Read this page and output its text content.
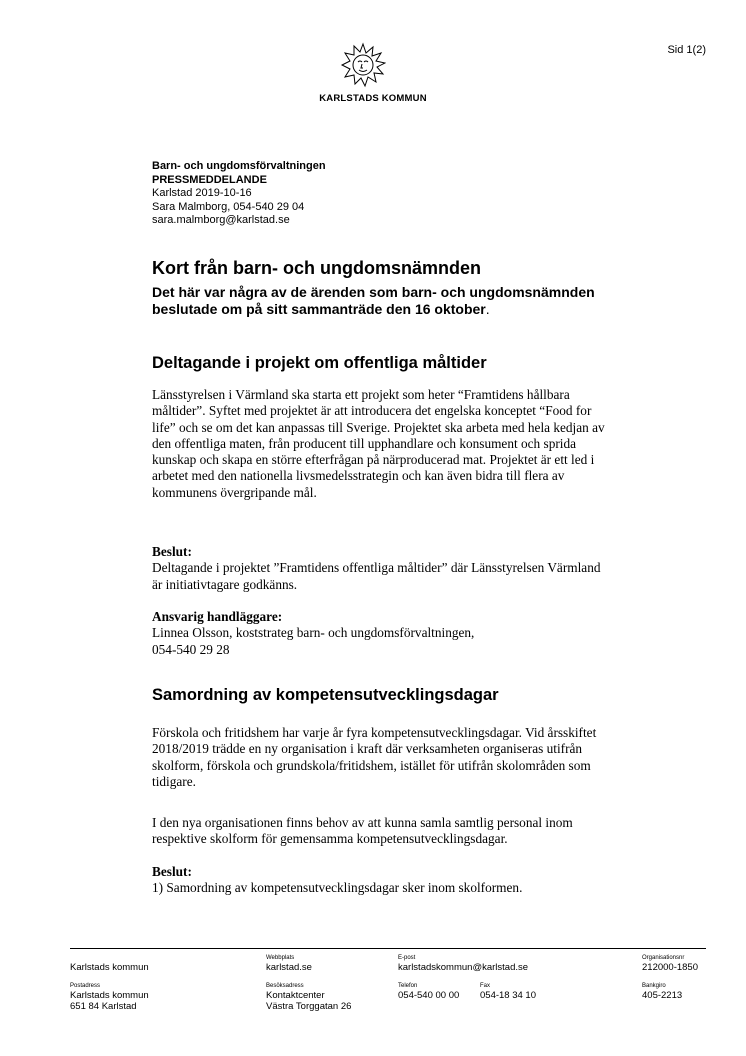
Sid 1(2)
KARLSTADS KOMMUN
Barn- och ungdomsförvaltningen
PRESSMEDDELANDE
Karlstad 2019-10-16
Sara Malmborg, 054-540 29 04
sara.malmborg@karlstad.se
Kort från barn- och ungdomsnämnden
Det här var några av de ärenden som barn- och ungdomsnämnden beslutade om på sitt sammanträde den 16 oktober.
Deltagande i projekt om offentliga måltider
Länsstyrelsen i Värmland ska starta ett projekt som heter “Framtidens hållbara måltider”. Syftet med projektet är att introducera det engelska konceptet “Food for life” och se om det kan anpassas till Sverige. Projektet ska arbeta med hela kedjan av den offentliga maten, från producent till upphandlare och konsument och sprida kunskap och skapa en större efterfrågan på närproducerad mat. Projektet är ett led i arbetet med den nationella livsmedelsstrategin och kan även bidra till flera av kommunens övergripande mål.

Beslut:

Deltagande i projektet ”Framtidens offentliga måltider” där Länsstyrelsen Värmland är initiativtagare godkänns.

Ansvarig handläggare:

Linnea Olsson, koststrateg barn- och ungdomsförvaltningen,

054-540 29 28

Samordning av kompetensutvecklingsdagar
Förskola och fritidshem har varje år fyra kompetensutvecklingsdagar. Vid årsskiftet 2018/2019 trädde en ny organisation i kraft där verksamheten organiseras utifrån skolform, förskola och grundskola/fritidshem, istället för utifrån skolområden som tidigare.
I den nya organisationen finns behov av att kunna samla samtlig personal inom respektive skolform för gemensamma kompetensutvecklingsdagar.

Beslut:

1) Samordning av kompetensutvecklingsdagar sker inom skolformen.

Karlstads kommun
Webbplats
karlstad.se
E-post
karlstadskommun@karlstad.se
Organisationsnr
212000-1850
Postadress
Karlstads kommun
651 84 Karlstad
Besöksadress
Kontaktcenter
Västra Torggatan 26
Telefon
054-540 00 00
Fax
054-18 34 10
Bankgiro
405-2213
